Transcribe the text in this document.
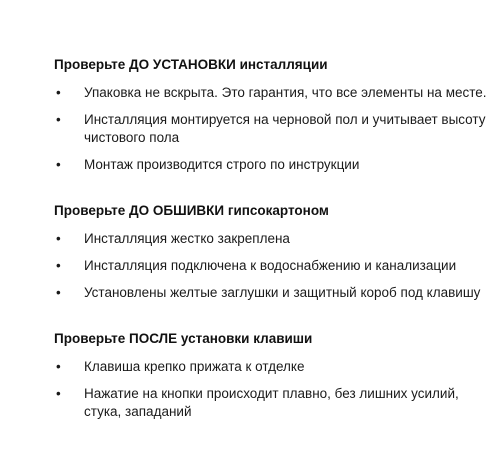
Проверьте ДО УСТАНОВКИ инсталляции
• Упаковка не вскрыта. Это гарантия, что все элементы на месте.
• Инсталляция монтируется на черновой пол и учитывает высоту чистового пола
• Монтаж производится строго по инструкции
Проверьте ДО ОБШИВКИ гипсокартоном
• Инсталляция жестко закреплена
• Инсталляция подключена к водоснабжению и канализации
• Установлены желтые заглушки и защитный короб под клавишу
Проверьте ПОСЛЕ установки клавиши
• Клавиша крепко прижата к отделке
• Нажатие на кнопки происходит плавно, без лишних усилий, стука, западаний
